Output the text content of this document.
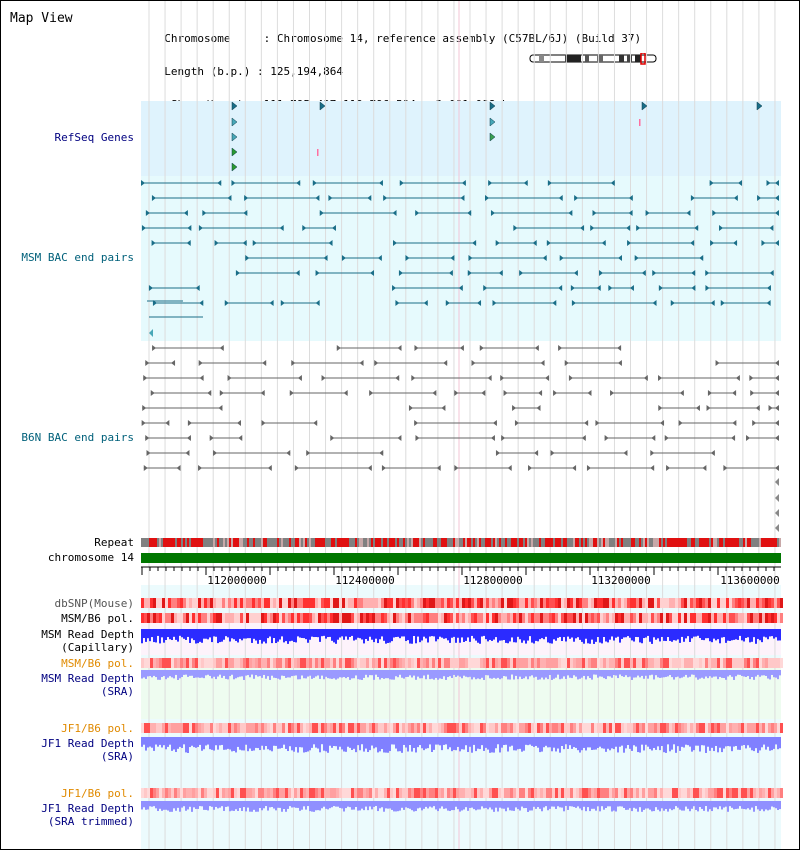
Map View

Chromosome     : Chromosome 14, reference assembly (C57BL/6J) (Build 37)

Length (b.p.) : 125,194,864

RefSeq Genes
MSM BAC end pairs
B6N BAC end pairs
Repeat
chromosome 14
dbSNP(Mouse)
MSM/B6 pol.
MSM Read Depth
(Capillary)
MSM/B6 pol.
MSM Read Depth
(SRA)
JF1/B6 pol.
JF1 Read Depth
(SRA)
JF1/B6 pol.
JF1 Read Depth
(SRA trimmed)
112000000	112400000	112800000	113200000	113600000
